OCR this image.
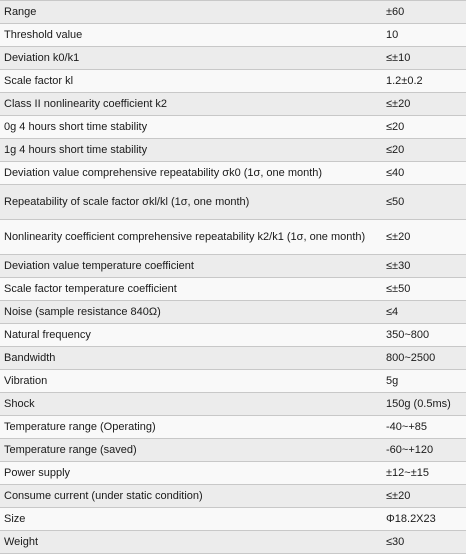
Range	±60
Threshold value	10
Deviation k0/k1	≤±10
Scale factor kl	1.2±0.2
Class II nonlinearity coefficient k2	≤±20
0g 4 hours short time stability	≤20
1g 4 hours short time stability	≤20
Deviation value comprehensive repeatability σk0 (1σ, one month)	≤40
Repeatability of scale factor σkl/kl (1σ, one month)	≤50
Nonlinearity coefficient comprehensive repeatability k2/k1 (1σ, one month)	≤±20
Deviation value temperature coefficient	≤±30
Scale factor temperature coefficient	≤±50
Noise (sample resistance 840Ω)	≤4
Natural frequency	350~800
Bandwidth	800~2500
Vibration	5g
Shock	150g (0.5ms)
Temperature range (Operating)	-40~+85
Temperature range (saved)	-60~+120
Power supply	±12~±15
Consume current (under static condition)	≤±20
Size	Φ18.2X23
Weight	≤30
